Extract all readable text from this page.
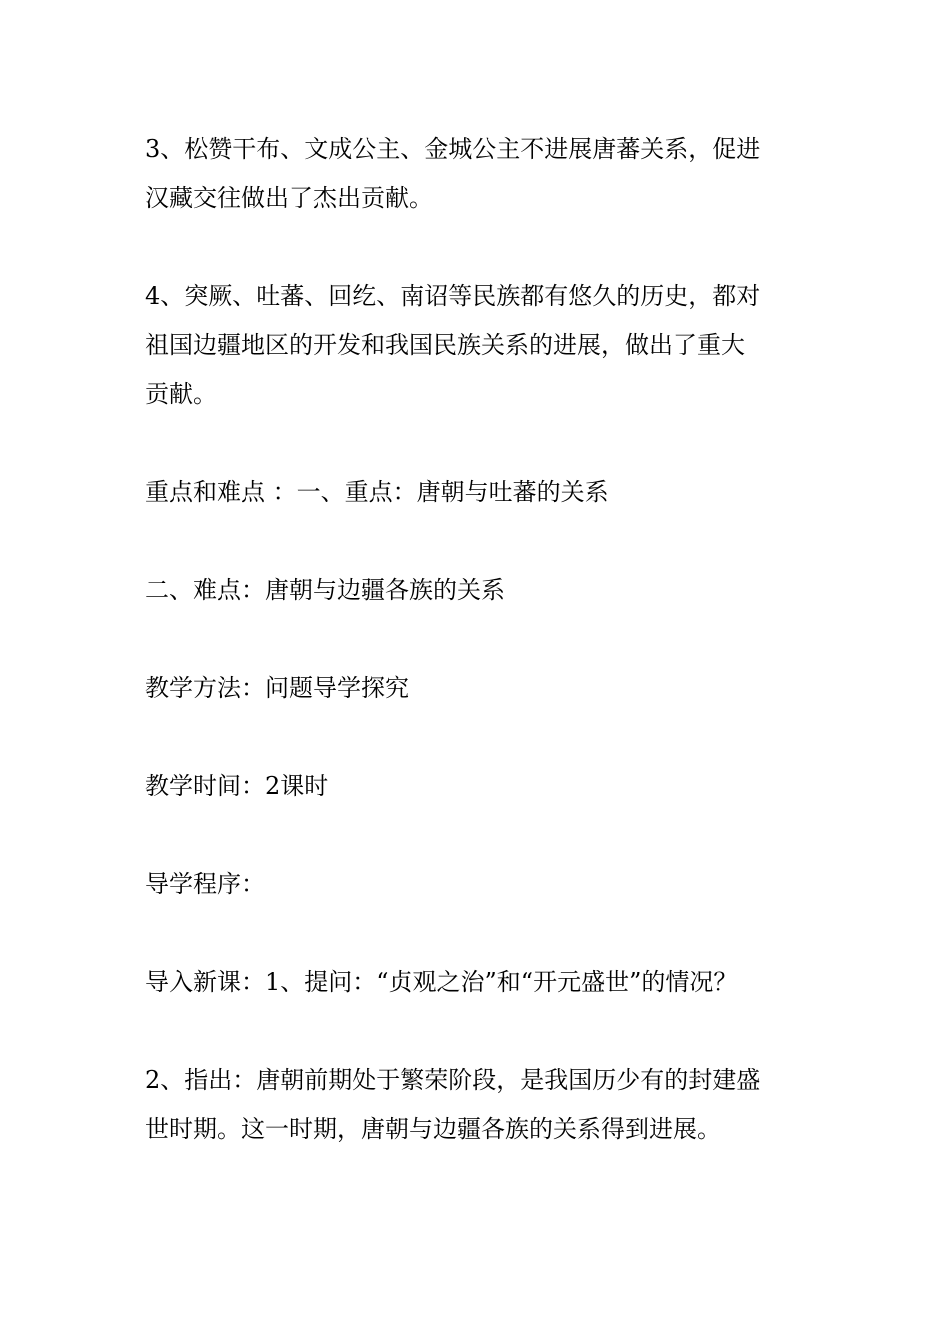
3、松赞干布、文成公主、金城公主不进展唐蕃关系，促进
汉藏交往做出了杰出贡献。

4、突厥、吐蕃、回纥、南诏等民族都有悠久的历史，都对
祖国边疆地区的开发和我国民族关系的进展，做出了重大
贡献。

重点和难点 ：一、重点：唐朝与吐蕃的关系

二、难点：唐朝与边疆各族的关系

教学方法：问题导学探究

教学时间：2课时

导学程序：

导入新课：1、提问：“贞观之治”和“开元盛世”的情况？

2、指出：唐朝前期处于繁荣阶段，是我国历少有的封建盛
世时期。这一时期，唐朝与边疆各族的关系得到进展。
